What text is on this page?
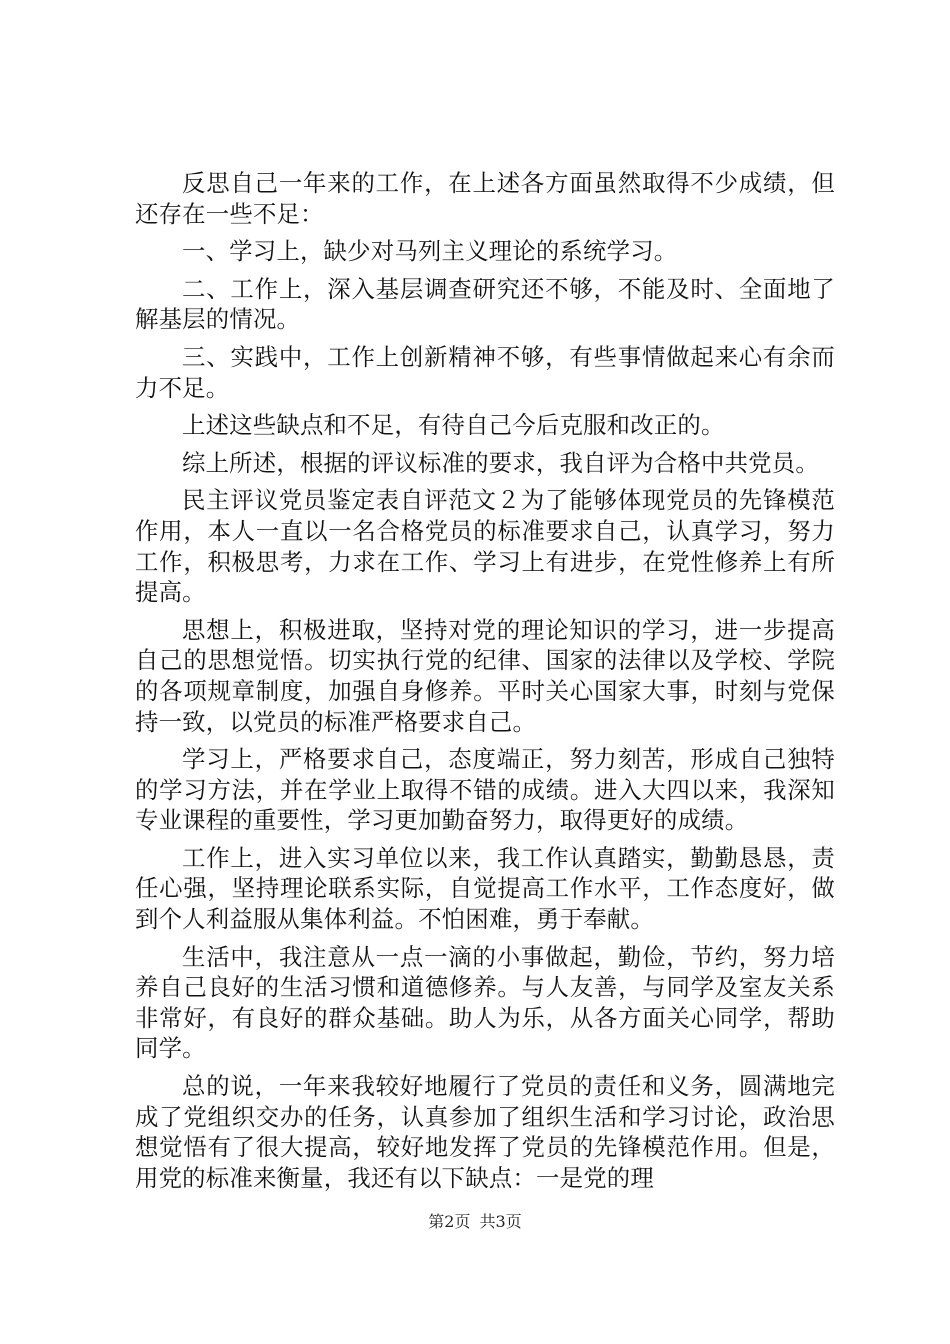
反思自己一年来的工作，在上述各方面虽然取得不少成绩，但还存在一些不足：

一、学习上，缺少对马列主义理论的系统学习。

二、工作上，深入基层调查研究还不够，不能及时、全面地了解基层的情况。

三、实践中，工作上创新精神不够，有些事情做起来心有余而力不足。

上述这些缺点和不足，有待自己今后克服和改正的。

综上所述，根据的评议标准的要求，我自评为合格中共党员。

民主评议党员鉴定表自评范文２为了能够体现党员的先锋模范作用，本人一直以一名合格党员的标准要求自己，认真学习，努力工作，积极思考，力求在工作、学习上有进步，在党性修养上有所提高。

思想上，积极进取，坚持对党的理论知识的学习，进一步提高自己的思想觉悟。切实执行党的纪律、国家的法律以及学校、学院的各项规章制度，加强自身修养。平时关心国家大事，时刻与党保持一致，以党员的标准严格要求自己。

学习上，严格要求自己，态度端正，努力刻苦，形成自己独特的学习方法，并在学业上取得不错的成绩。进入大四以来，我深知专业课程的重要性，学习更加勤奋努力，取得更好的成绩。

工作上，进入实习单位以来，我工作认真踏实，勤勤恳恳，责任心强，坚持理论联系实际，自觉提高工作水平，工作态度好，做到个人利益服从集体利益。不怕困难，勇于奉献。

生活中，我注意从一点一滴的小事做起，勤俭，节约，努力培养自己良好的生活习惯和道德修养。与人友善，与同学及室友关系非常好，有良好的群众基础。助人为乐，从各方面关心同学，帮助同学。

总的说，一年来我较好地履行了党员的责任和义务，圆满地完成了党组织交办的任务，认真参加了组织生活和学习讨论，政治思想觉悟有了很大提高，较好地发挥了党员的先锋模范作用。但是，用党的标准来衡量，我还有以下缺点：一是党的理

第2页 共3页
